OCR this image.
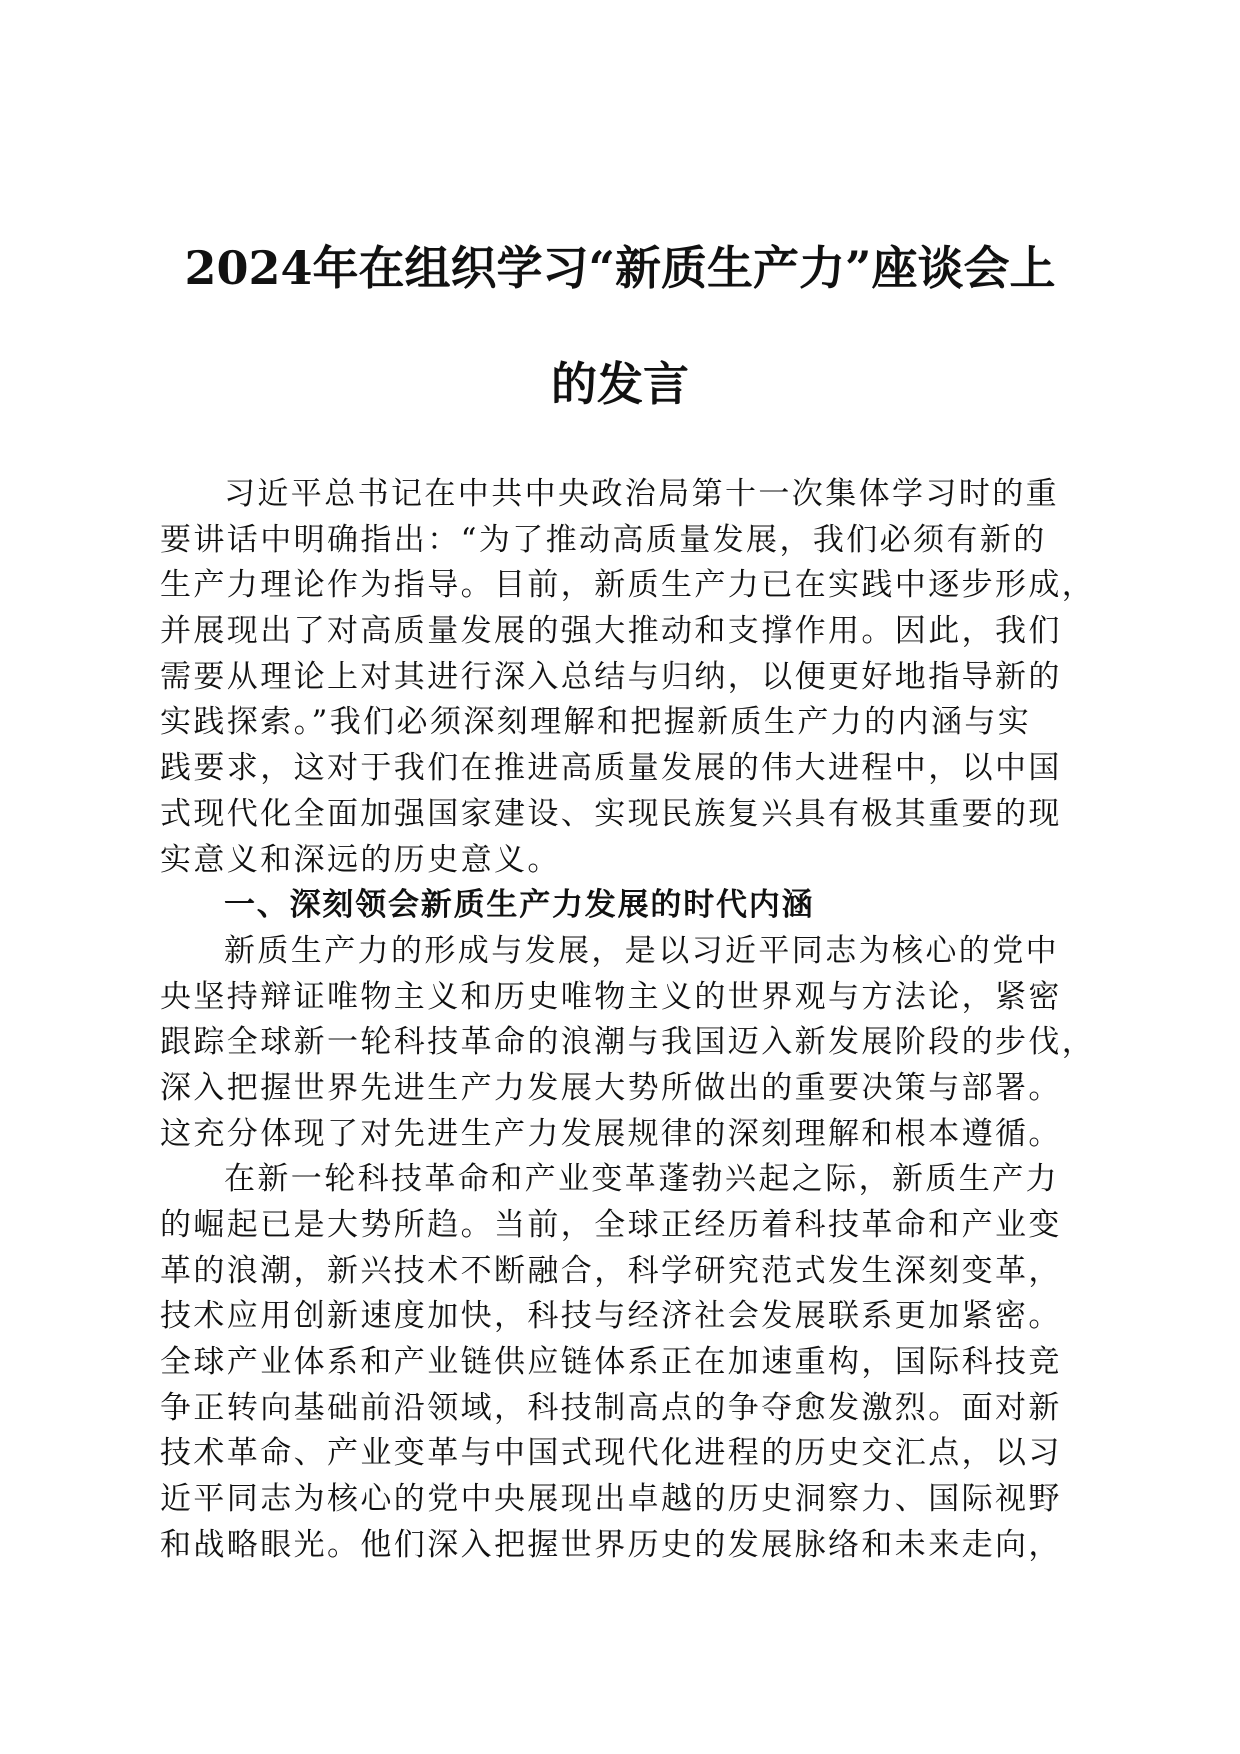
2024年在组织学习“新质生产力”座谈会上
的发言
习近平总书记在中共中央政治局第十一次集体学习时的重
要讲话中明确指出：“为了推动高质量发展，我们必须有新的
生产力理论作为指导。目前，新质生产力已在实践中逐步形成，
并展现出了对高质量发展的强大推动和支撑作用。因此，我们
需要从理论上对其进行深入总结与归纳，以便更好地指导新的
实践探索。”我们必须深刻理解和把握新质生产力的内涵与实
践要求，这对于我们在推进高质量发展的伟大进程中，以中国
式现代化全面加强国家建设、实现民族复兴具有极其重要的现
实意义和深远的历史意义。
一、深刻领会新质生产力发展的时代内涵
新质生产力的形成与发展，是以习近平同志为核心的党中
央坚持辩证唯物主义和历史唯物主义的世界观与方法论，紧密
跟踪全球新一轮科技革命的浪潮与我国迈入新发展阶段的步伐，
深入把握世界先进生产力发展大势所做出的重要决策与部署。
这充分体现了对先进生产力发展规律的深刻理解和根本遵循。
在新一轮科技革命和产业变革蓬勃兴起之际，新质生产力
的崛起已是大势所趋。当前，全球正经历着科技革命和产业变
革的浪潮，新兴技术不断融合，科学研究范式发生深刻变革，
技术应用创新速度加快，科技与经济社会发展联系更加紧密。
全球产业体系和产业链供应链体系正在加速重构，国际科技竞
争正转向基础前沿领域，科技制高点的争夺愈发激烈。面对新
技术革命、产业变革与中国式现代化进程的历史交汇点，以习
近平同志为核心的党中央展现出卓越的历史洞察力、国际视野
和战略眼光。他们深入把握世界历史的发展脉络和未来走向，
